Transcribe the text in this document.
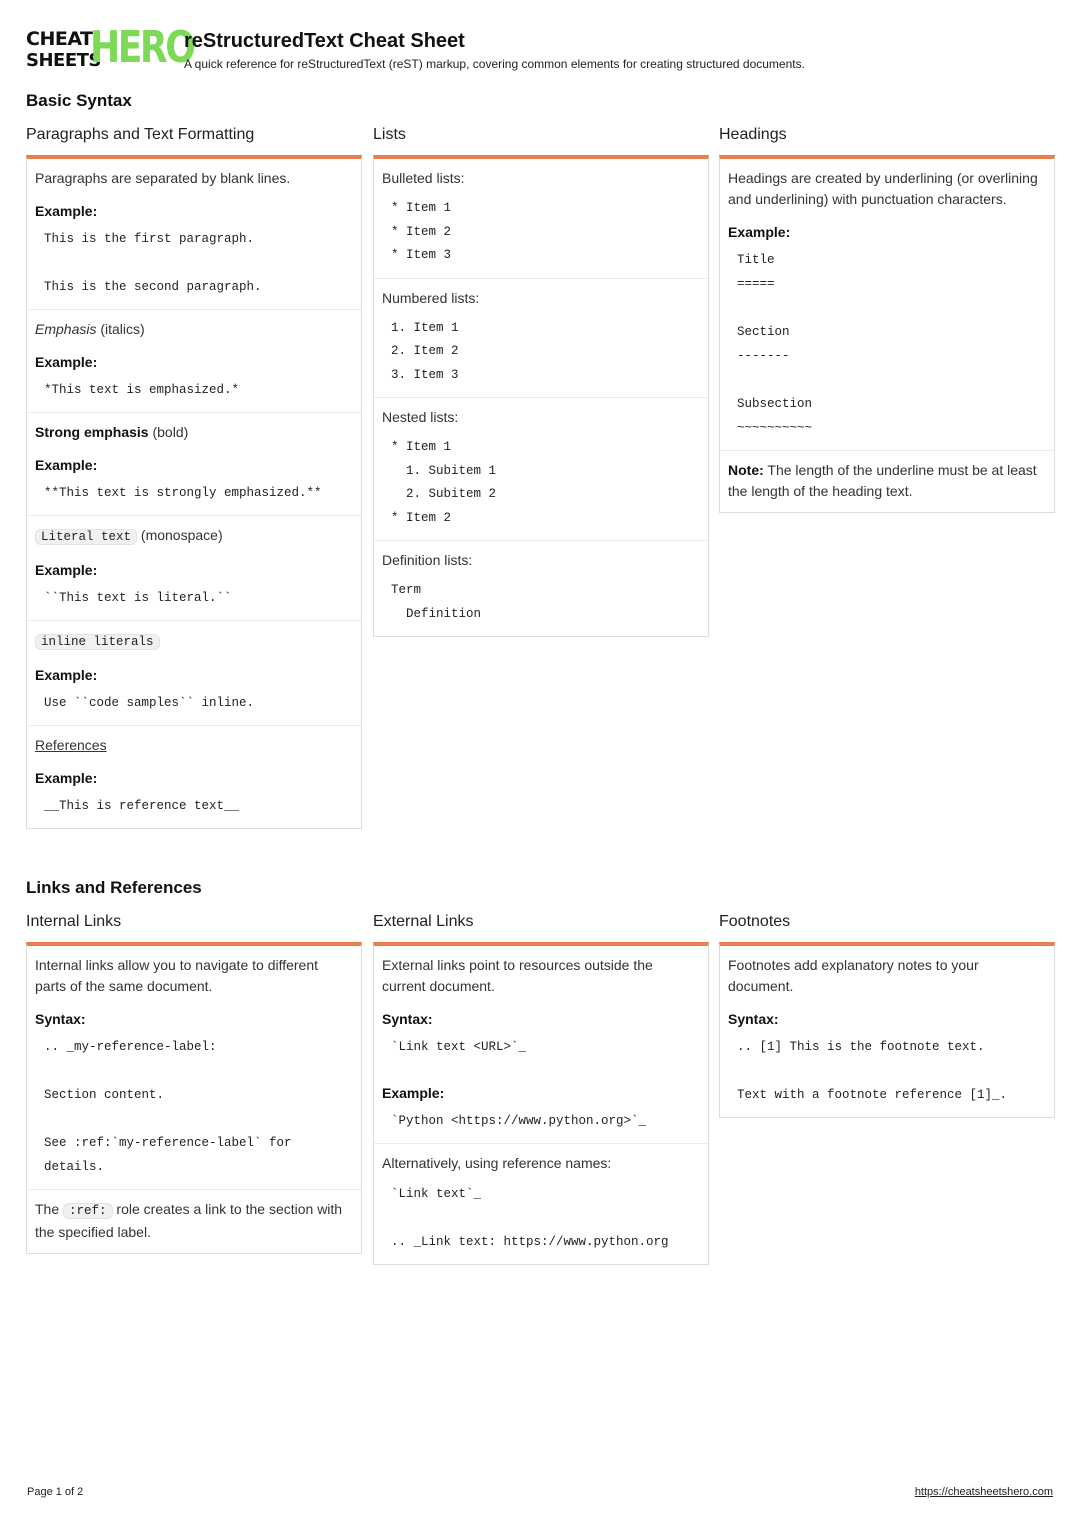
CHEAT
SHEETS
HERO
reStructuredText Cheat Sheet
A quick reference for reStructuredText (reST) markup, covering common elements for creating structured documents.
Basic Syntax
Paragraphs and Text Formatting
Paragraphs are separated by blank lines.
Example:
This is the first paragraph.

This is the second paragraph.
Emphasis (italics)
Example:
*This text is emphasized.*
Strong emphasis (bold)
Example:
**This text is strongly emphasized.**
Literal text (monospace)
Example:
``This text is literal.``
inline literals
Example:
Use ``code samples`` inline.
References
Example:
__This is reference text__
Lists
Bulleted lists:
* Item 1
* Item 2
* Item 3
Numbered lists:
1. Item 1
2. Item 2
3. Item 3
Nested lists:
* Item 1
1. Subitem 1
2. Subitem 2
* Item 2
Definition lists:
Term
Definition
Headings
Headings are created by underlining (or overlining and underlining) with punctuation characters.
Example:
Title
=====

Section
-------

Subsection
~~~~~~~~~~
Note: The length of the underline must be at least the length of the heading text.
Links and References
Internal Links
Internal links allow you to navigate to different parts of the same document.
Syntax:
.. _my-reference-label:

Section content.

See :ref:`my-reference-label` for
details.
The :ref: role creates a link to the section with the specified label.
External Links
External links point to resources outside the current document.
Syntax:
`Link text <URL>`_
Example:
`Python <https://www.python.org>`_
Alternatively, using reference names:
`Link text`_

.. _Link text: https://www.python.org
Footnotes
Footnotes add explanatory notes to your document.
Syntax:
.. [1] This is the footnote text.

Text with a footnote reference [1]_.
Page 1 of 2	https://cheatsheetshero.com
